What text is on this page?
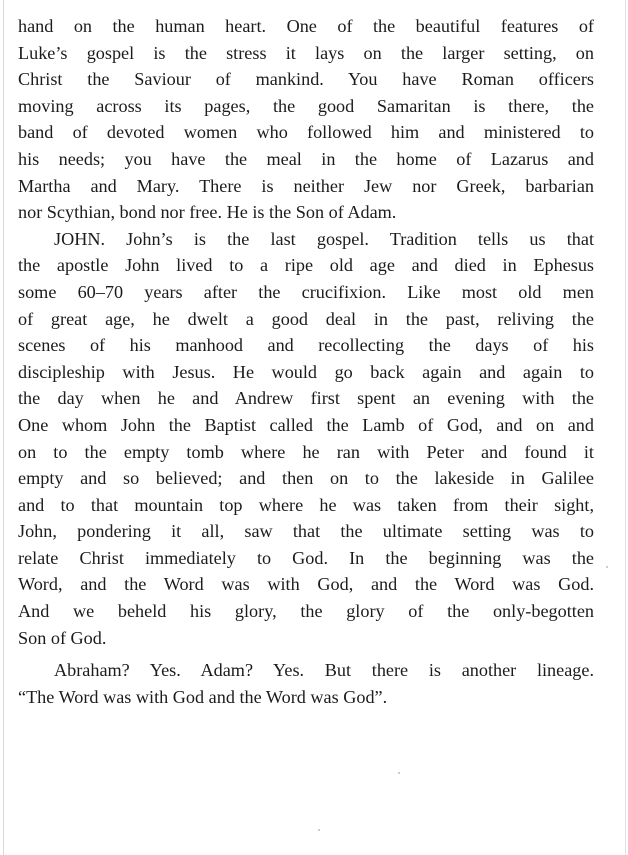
hand on the human heart. One of the beautiful features of
Luke’s gospel is the stress it lays on the larger setting, on
Christ the Saviour of mankind. You have Roman officers
moving across its pages, the good Samaritan is there, the
band of devoted women who followed him and ministered to
his needs; you have the meal in the home of Lazarus and
Martha and Mary. There is neither Jew nor Greek, barbarian
nor Scythian, bond nor free. He is the Son of Adam.
JOHN. John’s is the last gospel. Tradition tells us that
the apostle John lived to a ripe old age and died in Ephesus
some 60–70 years after the crucifixion. Like most old men
of great age, he dwelt a good deal in the past, reliving the
scenes of his manhood and recollecting the days of his
discipleship with Jesus. He would go back again and again to
the day when he and Andrew first spent an evening with the
One whom John the Baptist called the Lamb of God, and on and
on to the empty tomb where he ran with Peter and found it
empty and so believed; and then on to the lakeside in Galilee
and to that mountain top where he was taken from their sight,
John, pondering it all, saw that the ultimate setting was to
relate Christ immediately to God. In the beginning was the
Word, and the Word was with God, and the Word was God.
And we beheld his glory, the glory of the only-begotten
Son of God.
Abraham? Yes. Adam? Yes. But there is another lineage.
“The Word was with God and the Word was God”.
